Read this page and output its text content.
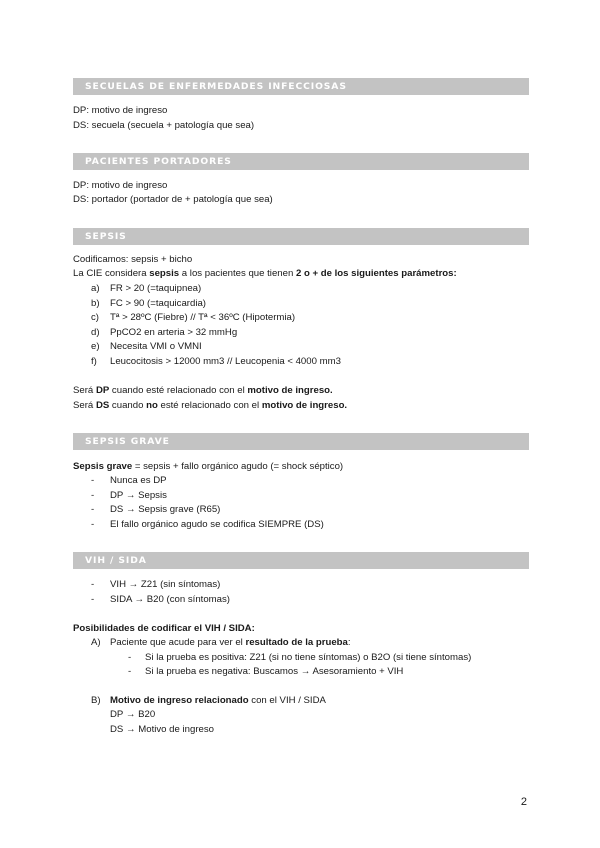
SECUELAS DE ENFERMEDADES INFECCIOSAS
DP: motivo de ingreso
DS: secuela (secuela + patología que sea)
PACIENTES PORTADORES
DP: motivo de ingreso
DS: portador (portador de + patología que sea)
SEPSIS
Codificamos: sepsis + bicho
La CIE considera sepsis a los pacientes que tienen 2 o + de los siguientes parámetros:
a) FR > 20 (=taquipnea)
b) FC > 90 (=taquicardia)
c) Tª > 28ºC (Fiebre) // Tª < 36ºC (Hipotermia)
d) PpCO2 en arteria > 32 mmHg
e) Necesita VMI o VMNI
f) Leucocitosis > 12000 mm3 // Leucopenia < 4000 mm3
Será DP cuando esté relacionado con el motivo de ingreso.
Será DS cuando no esté relacionado con el motivo de ingreso.
SEPSIS GRAVE
Sepsis grave = sepsis + fallo orgánico agudo (= shock séptico)
- Nunca es DP
- DP → Sepsis
- DS → Sepsis grave (R65)
- El fallo orgánico agudo se codifica SIEMPRE (DS)
VIH / SIDA
- VIH → Z21 (sin síntomas)
- SIDA → B20 (con síntomas)
Posibilidades de codificar el VIH / SIDA:
A) Paciente que acude para ver el resultado de la prueba:
- Si la prueba es positiva: Z21 (si no tiene síntomas) o B2O (si tiene síntomas)
- Si la prueba es negativa: Buscamos → Asesoramiento + VIH
B) Motivo de ingreso relacionado con el VIH / SIDA
DP → B20
DS → Motivo de ingreso
2
